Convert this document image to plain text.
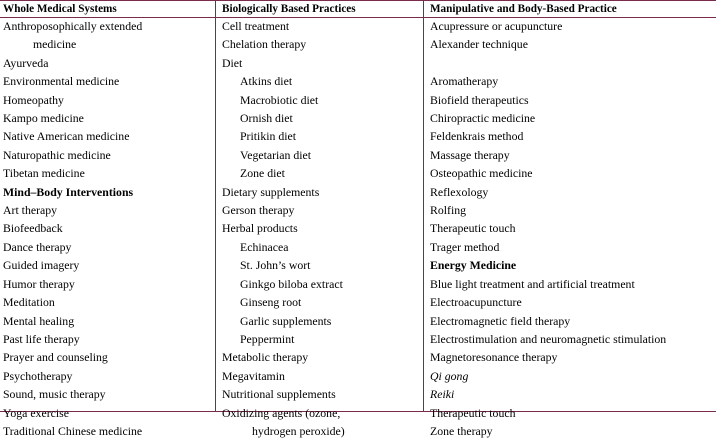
Whole Medical Systems
Anthroposophically extended
medicine
Ayurveda
Environmental medicine
Homeopathy
Kampo medicine
Native American medicine
Naturopathic medicine
Tibetan medicine
Mind–Body Interventions
Art therapy
Biofeedback
Dance therapy
Guided imagery
Humor therapy
Meditation
Mental healing
Past life therapy
Prayer and counseling
Psychotherapy
Sound, music therapy
Yoga exercise
Traditional Chinese medicine
Biologically Based Practices
Cell treatment
Chelation therapy
Diet
Atkins diet
Macrobiotic diet
Ornish diet
Pritikin diet
Vegetarian diet
Zone diet
Dietary supplements
Gerson therapy
Herbal products
Echinacea
St. John’s wort
Ginkgo biloba extract
Ginseng root
Garlic supplements
Peppermint
Metabolic therapy
Megavitamin
Nutritional supplements
Oxidizing agents (ozone,
hydrogen peroxide)
Manipulative and Body-Based Practice
Acupressure or acupuncture
Alexander technique

Aromatherapy
Biofield therapeutics
Chiropractic medicine
Feldenkrais method
Massage therapy
Osteopathic medicine
Reflexology
Rolfing
Therapeutic touch
Trager method
Energy Medicine
Blue light treatment and artificial treatment
Electroacupuncture
Electromagnetic field therapy
Electrostimulation and neuromagnetic stimulation
Magnetoresonance therapy
Qi gong
Reiki
Therapeutic touch
Zone therapy
